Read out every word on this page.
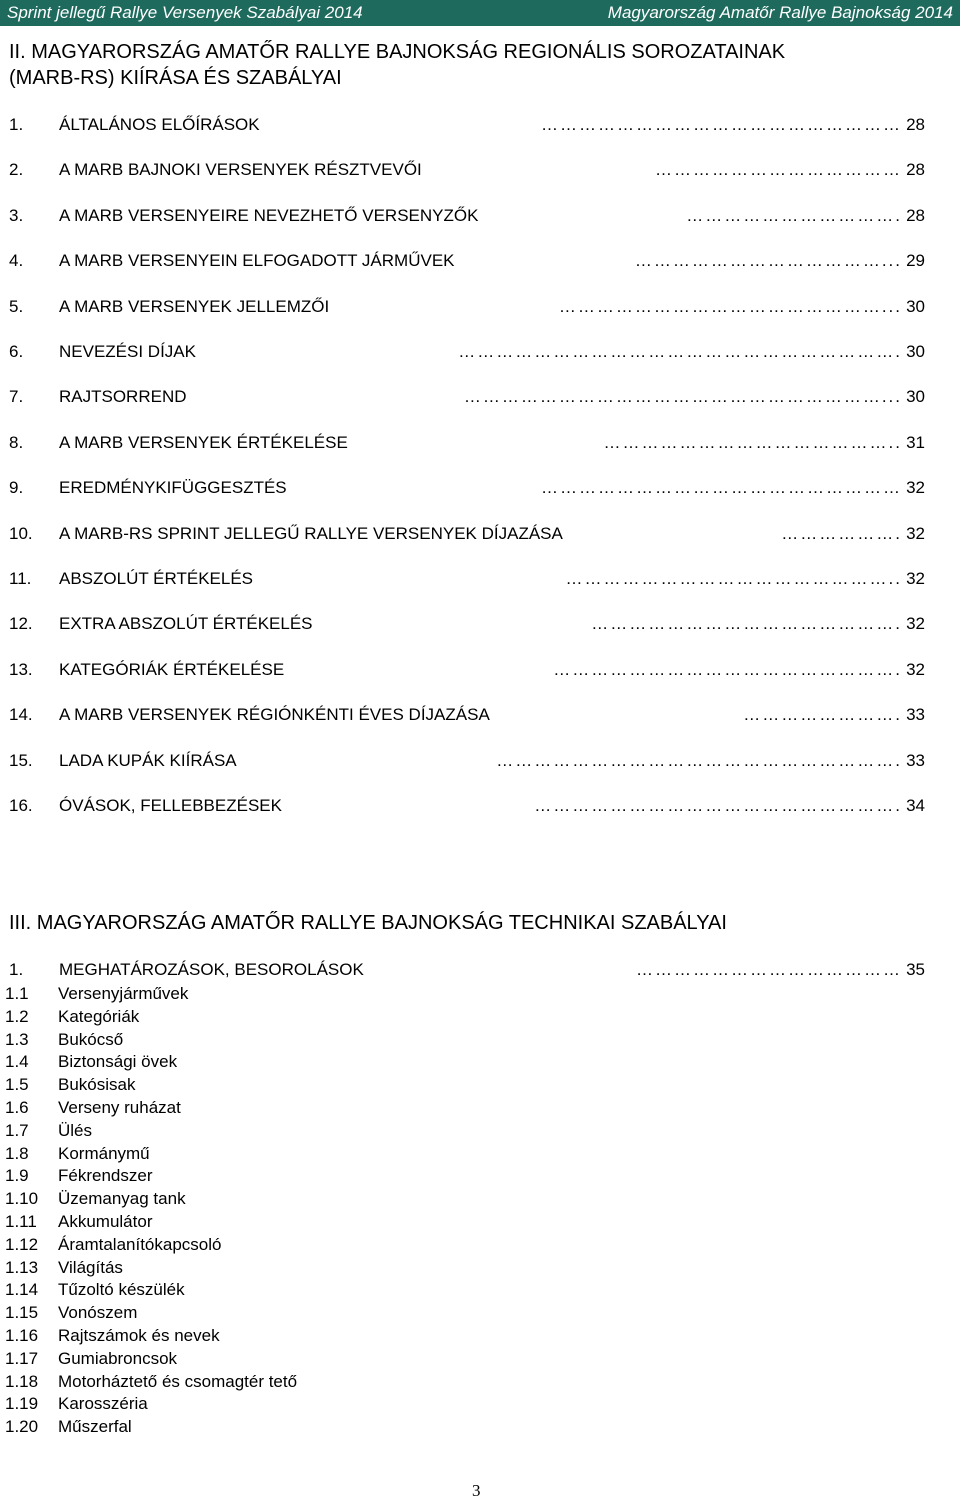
Sprint jellegű Rallye Versenyek Szabályai 2014	Magyarország Amatőr Rallye Bajnokság 2014
II. MAGYARORSZÁG AMATŐR RALLYE BAJNOKSÁG REGIONÁLIS SOROZATAINAK
(MARB-RS) KIÍRÁSA ÉS SZABÁLYAI
1. ÁLTALÁNOS ELŐÍRÁSOK	………………………………………………… 28
2. A MARB BAJNOKI VERSENYEK RÉSZTVEVŐI	………………………………… 28
3. A MARB VERSENYEIRE NEVEZHETŐ VERSENYZŐK	……………………………. 28
4. A MARB VERSENYEIN ELFOGADOTT JÁRMŰVEK	…………………………………... 29
5. A MARB VERSENYEK JELLEMZŐI	……………………………………………... 30
6. NEVEZÉSI DÍJAK	……………………………………………………………. 30
7. RAJTSORREND	…………………………………………………………... 30
8. A MARB VERSENYEK ÉRTÉKELÉSE	……………………………………….. 31
9. EREDMÉNYKIFÜGGESZTÉS	………………………………………………… 32
10. A MARB-RS SPRINT JELLEGŰ RALLYE VERSENYEK DÍJAZÁSA	………………. 32
11. ABSZOLÚT ÉRTÉKELÉS	…………………………………………….. 32
12. EXTRA ABSZOLÚT ÉRTÉKELÉS	…………………………………………. 32
13. KATEGÓRIÁK ÉRTÉKELÉSE	………………………………………………. 32
14. A MARB VERSENYEK RÉGIÓNKÉNTI ÉVES DÍJAZÁSA	……………………. 33
15. LADA KUPÁK KIÍRÁSA	………………………………………………………. 33
16. ÓVÁSOK, FELLEBBEZÉSEK	…………………………………………………. 34
III. MAGYARORSZÁG AMATŐR RALLYE BAJNOKSÁG TECHNIKAI SZABÁLYAI
1. MEGHATÁROZÁSOK, BESOROLÁSOK	…………………………………… 35
1.1 Versenyjárművek
1.2 Kategóriák
1.3 Bukócső
1.4 Biztonsági övek
1.5 Bukósisak
1.6 Verseny ruházat
1.7 Ülés
1.8 Kormánymű
1.9 Fékrendszer
1.10 Üzemanyag tank
1.11 Akkumulátor
1.12 Áramtalanítókapcsoló
1.13 Világítás
1.14 Tűzoltó készülék
1.15 Vonószem
1.16 Rajtszámok és nevek
1.17 Gumiabroncsok
1.18 Motorháztető és csomagtér tető
1.19 Karosszéria
1.20 Műszerfal
3
